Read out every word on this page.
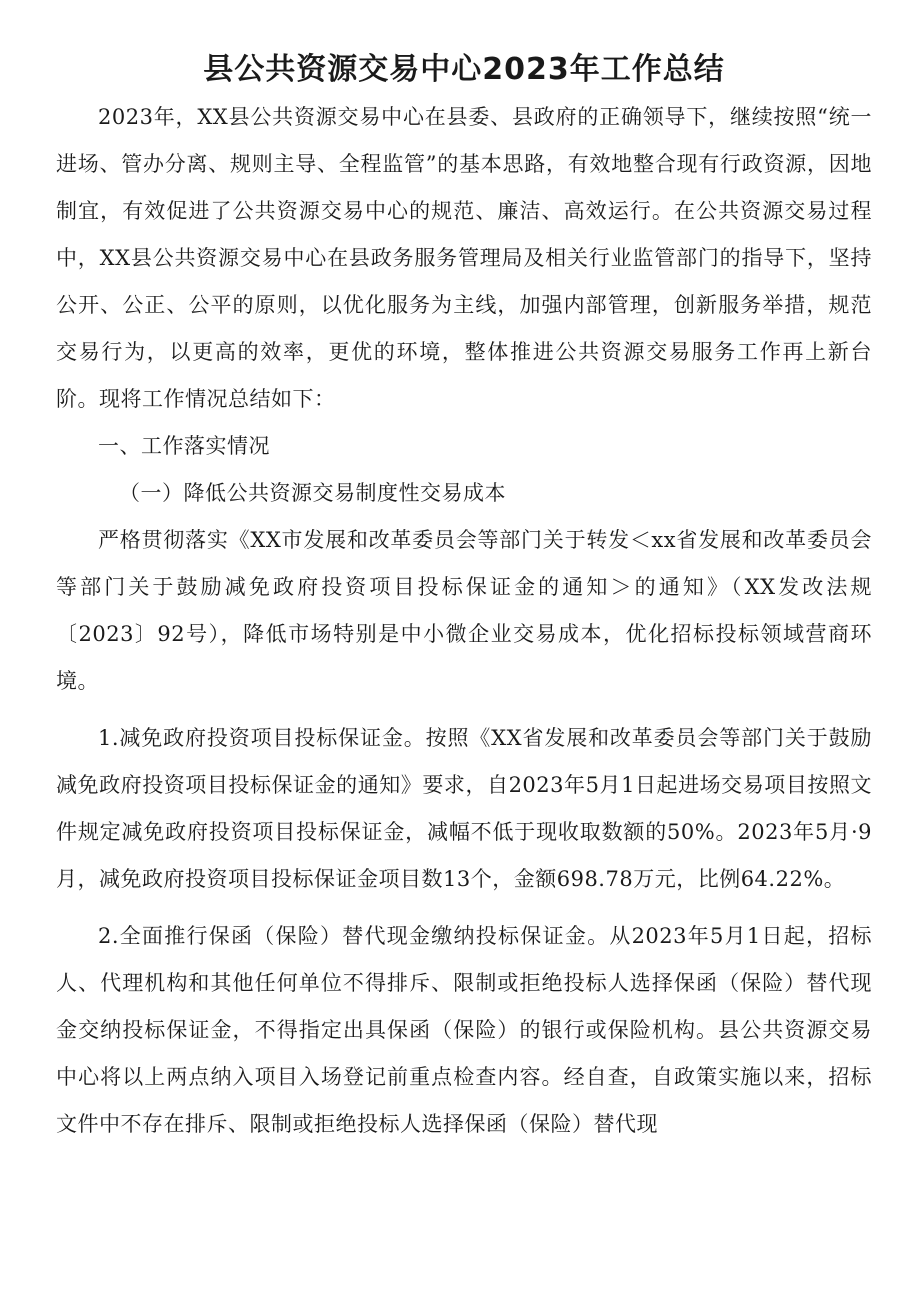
县公共资源交易中心2023年工作总结

2023年，XX县公共资源交易中心在县委、县政府的正确领导下，继续按照“统一进场、管办分离、规则主导、全程监管”的基本思路，有效地整合现有行政资源，因地制宜，有效促进了公共资源交易中心的规范、廉洁、高效运行。在公共资源交易过程中，XX县公共资源交易中心在县政务服务管理局及相关行业监管部门的指导下，坚持公开、公正、公平的原则，以优化服务为主线，加强内部管理，创新服务举措，规范交易行为，以更高的效率，更优的环境，整体推进公共资源交易服务工作再上新台阶。现将工作情况总结如下：

一、工作落实情况

（一）降低公共资源交易制度性交易成本

严格贯彻落实《XX市发展和改革委员会等部门关于转发＜xx省发展和改革委员会等部门关于鼓励减免政府投资项目投标保证金的通知＞的通知》（XX发改法规〔2023〕92号），降低市场特别是中小微企业交易成本，优化招标投标领域营商环境。

1.减免政府投资项目投标保证金。按照《XX省发展和改革委员会等部门关于鼓励减免政府投资项目投标保证金的通知》要求，自2023年5月1日起进场交易项目按照文件规定减免政府投资项目投标保证金，减幅不低于现收取数额的50%。2023年5月·9月，减免政府投资项目投标保证金项目数13个，金额698.78万元，比例64.22%。

2.全面推行保函（保险）替代现金缴纳投标保证金。从2023年5月1日起，招标人、代理机构和其他任何单位不得排斥、限制或拒绝投标人选择保函（保险）替代现金交纳投标保证金，不得指定出具保函（保险）的银行或保险机构。县公共资源交易中心将以上两点纳入项目入场登记前重点检查内容。经自查，自政策实施以来，招标文件中不存在排斥、限制或拒绝投标人选择保函（保险）替代现
